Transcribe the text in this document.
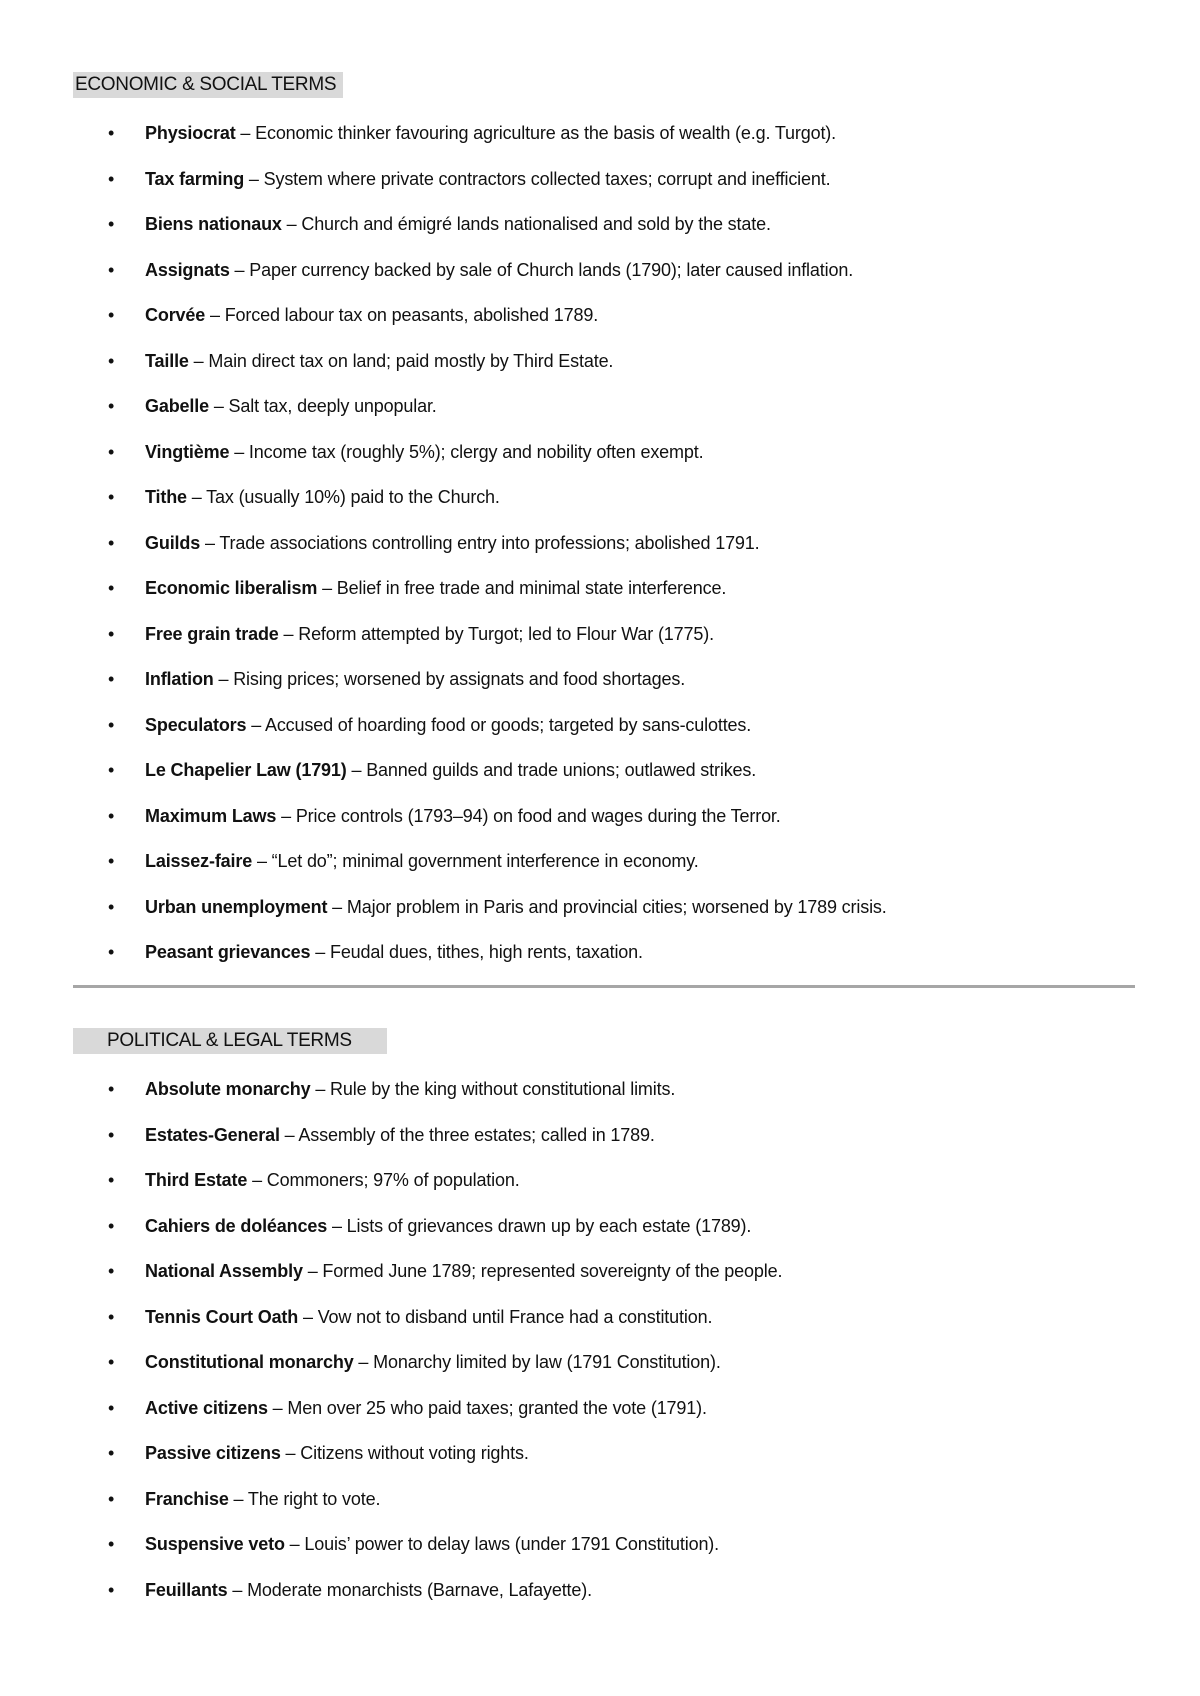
ECONOMIC & SOCIAL TERMS
• Physiocrat – Economic thinker favouring agriculture as the basis of wealth (e.g. Turgot).
• Tax farming – System where private contractors collected taxes; corrupt and inefficient.
• Biens nationaux – Church and émigré lands nationalised and sold by the state.
• Assignats – Paper currency backed by sale of Church lands (1790); later caused inflation.
• Corvée – Forced labour tax on peasants, abolished 1789.
• Taille – Main direct tax on land; paid mostly by Third Estate.
• Gabelle – Salt tax, deeply unpopular.
• Vingtième – Income tax (roughly 5%); clergy and nobility often exempt.
• Tithe – Tax (usually 10%) paid to the Church.
• Guilds – Trade associations controlling entry into professions; abolished 1791.
• Economic liberalism – Belief in free trade and minimal state interference.
• Free grain trade – Reform attempted by Turgot; led to Flour War (1775).
• Inflation – Rising prices; worsened by assignats and food shortages.
• Speculators – Accused of hoarding food or goods; targeted by sans-culottes.
• Le Chapelier Law (1791) – Banned guilds and trade unions; outlawed strikes.
• Maximum Laws – Price controls (1793–94) on food and wages during the Terror.
• Laissez-faire – “Let do”; minimal government interference in economy.
• Urban unemployment – Major problem in Paris and provincial cities; worsened by 1789 crisis.
• Peasant grievances – Feudal dues, tithes, high rents, taxation.
POLITICAL & LEGAL TERMS
• Absolute monarchy – Rule by the king without constitutional limits.
• Estates-General – Assembly of the three estates; called in 1789.
• Third Estate – Commoners; 97% of population.
• Cahiers de doléances – Lists of grievances drawn up by each estate (1789).
• National Assembly – Formed June 1789; represented sovereignty of the people.
• Tennis Court Oath – Vow not to disband until France had a constitution.
• Constitutional monarchy – Monarchy limited by law (1791 Constitution).
• Active citizens – Men over 25 who paid taxes; granted the vote (1791).
• Passive citizens – Citizens without voting rights.
• Franchise – The right to vote.
• Suspensive veto – Louis’ power to delay laws (under 1791 Constitution).
• Feuillants – Moderate monarchists (Barnave, Lafayette).
